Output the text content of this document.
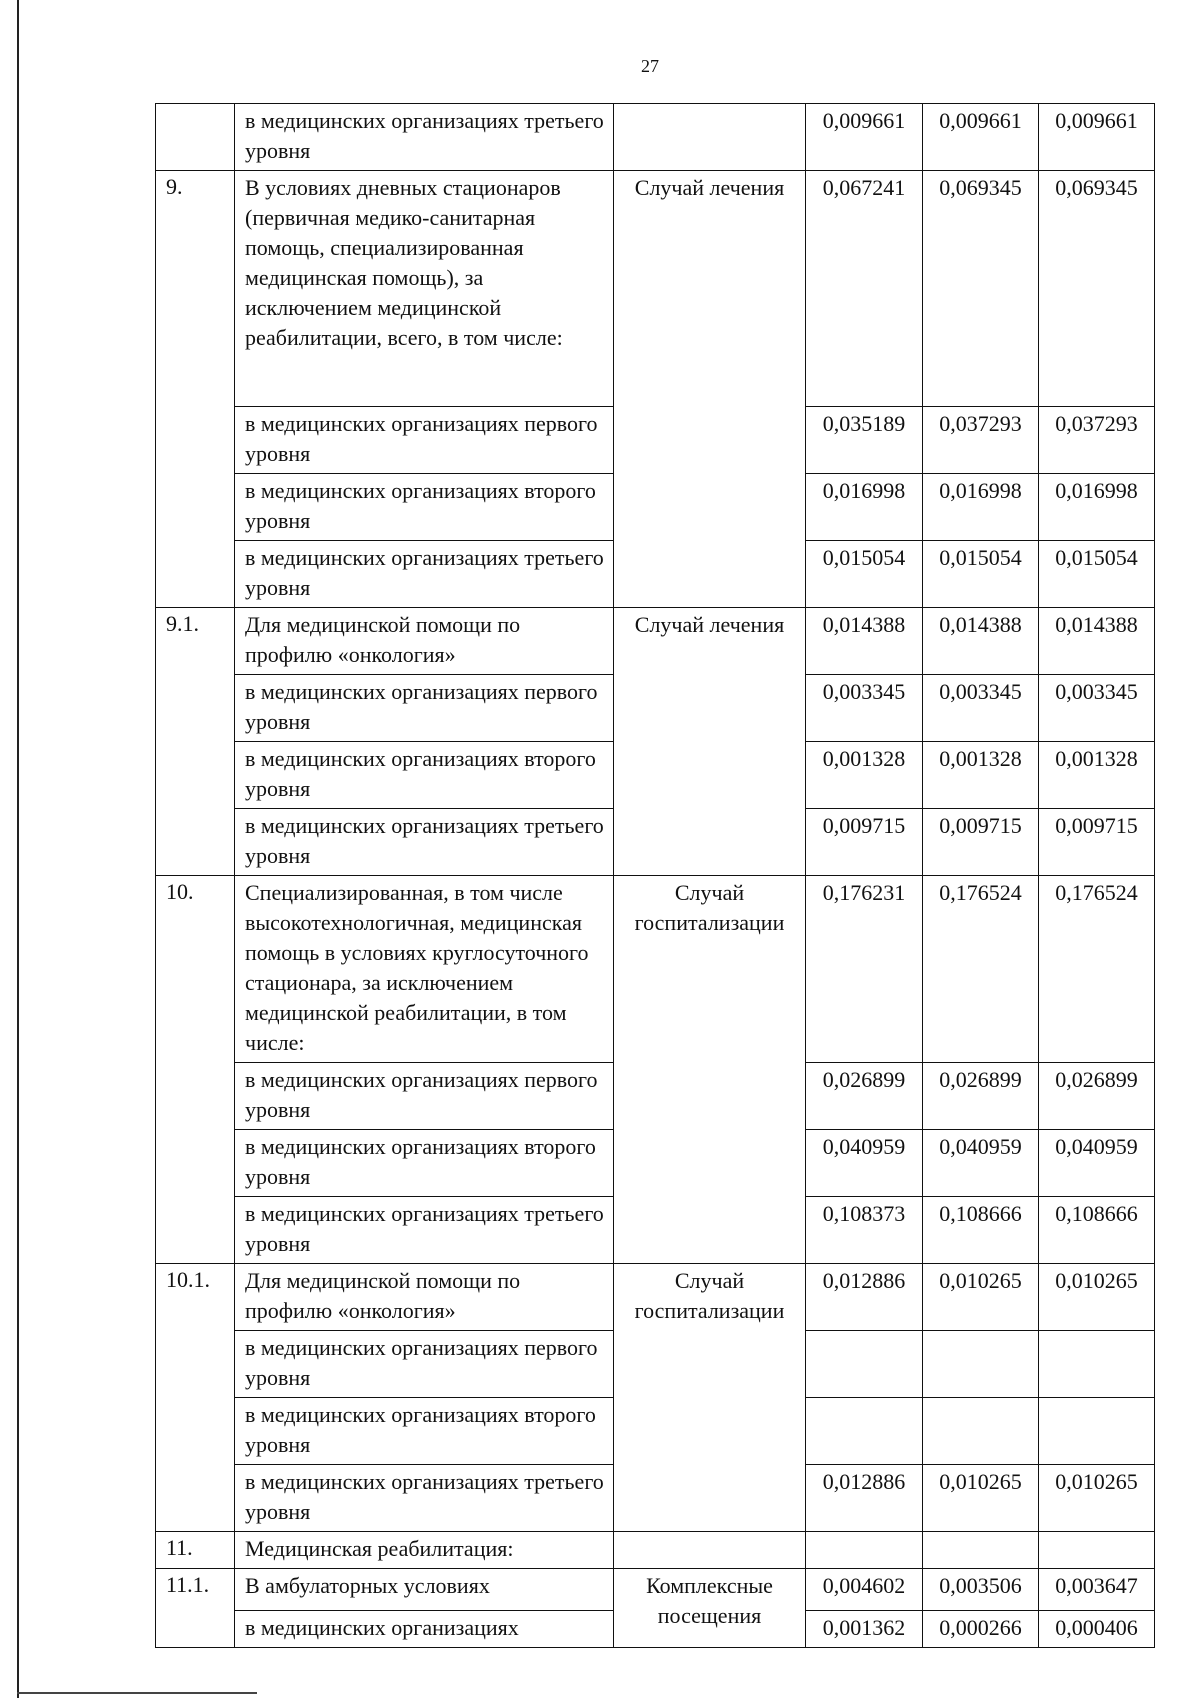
27
	в медицинских организациях третьего уровня		0,009661	0,009661	0,009661
9.	В условиях дневных стационаров (первичная медико-санитарная помощь, специализированная медицинская помощь), за исключением медицинской реабилитации, всего, в том числе:	Случай лечения	0,067241	0,069345	0,069345
	в медицинских организациях первого уровня		0,035189	0,037293	0,037293
	в медицинских организациях второго уровня		0,016998	0,016998	0,016998
	в медицинских организациях третьего уровня		0,015054	0,015054	0,015054
9.1.	Для медицинской помощи по профилю «онкология»	Случай лечения	0,014388	0,014388	0,014388
	в медицинских организациях первого уровня		0,003345	0,003345	0,003345
	в медицинских организациях второго уровня		0,001328	0,001328	0,001328
	в медицинских организациях третьего уровня		0,009715	0,009715	0,009715
10.	Специализированная, в том числе высокотехнологичная, медицинская помощь в условиях круглосуточного стационара, за исключением медицинской реабилитации, в том числе:	Случай госпитализации	0,176231	0,176524	0,176524
	в медицинских организациях первого уровня		0,026899	0,026899	0,026899
	в медицинских организациях второго уровня		0,040959	0,040959	0,040959
	в медицинских организациях третьего уровня		0,108373	0,108666	0,108666
10.1.	Для медицинской помощи по профилю «онкология»	Случай госпитализации	0,012886	0,010265	0,010265
	в медицинских организациях первого уровня				
	в медицинских организациях второго уровня				
	в медицинских организациях третьего уровня		0,012886	0,010265	0,010265
11.	Медицинская реабилитация:				
11.1.	В амбулаторных условиях	Комплексные посещения	0,004602	0,003506	0,003647
	в медицинских организациях		0,001362	0,000266	0,000406
